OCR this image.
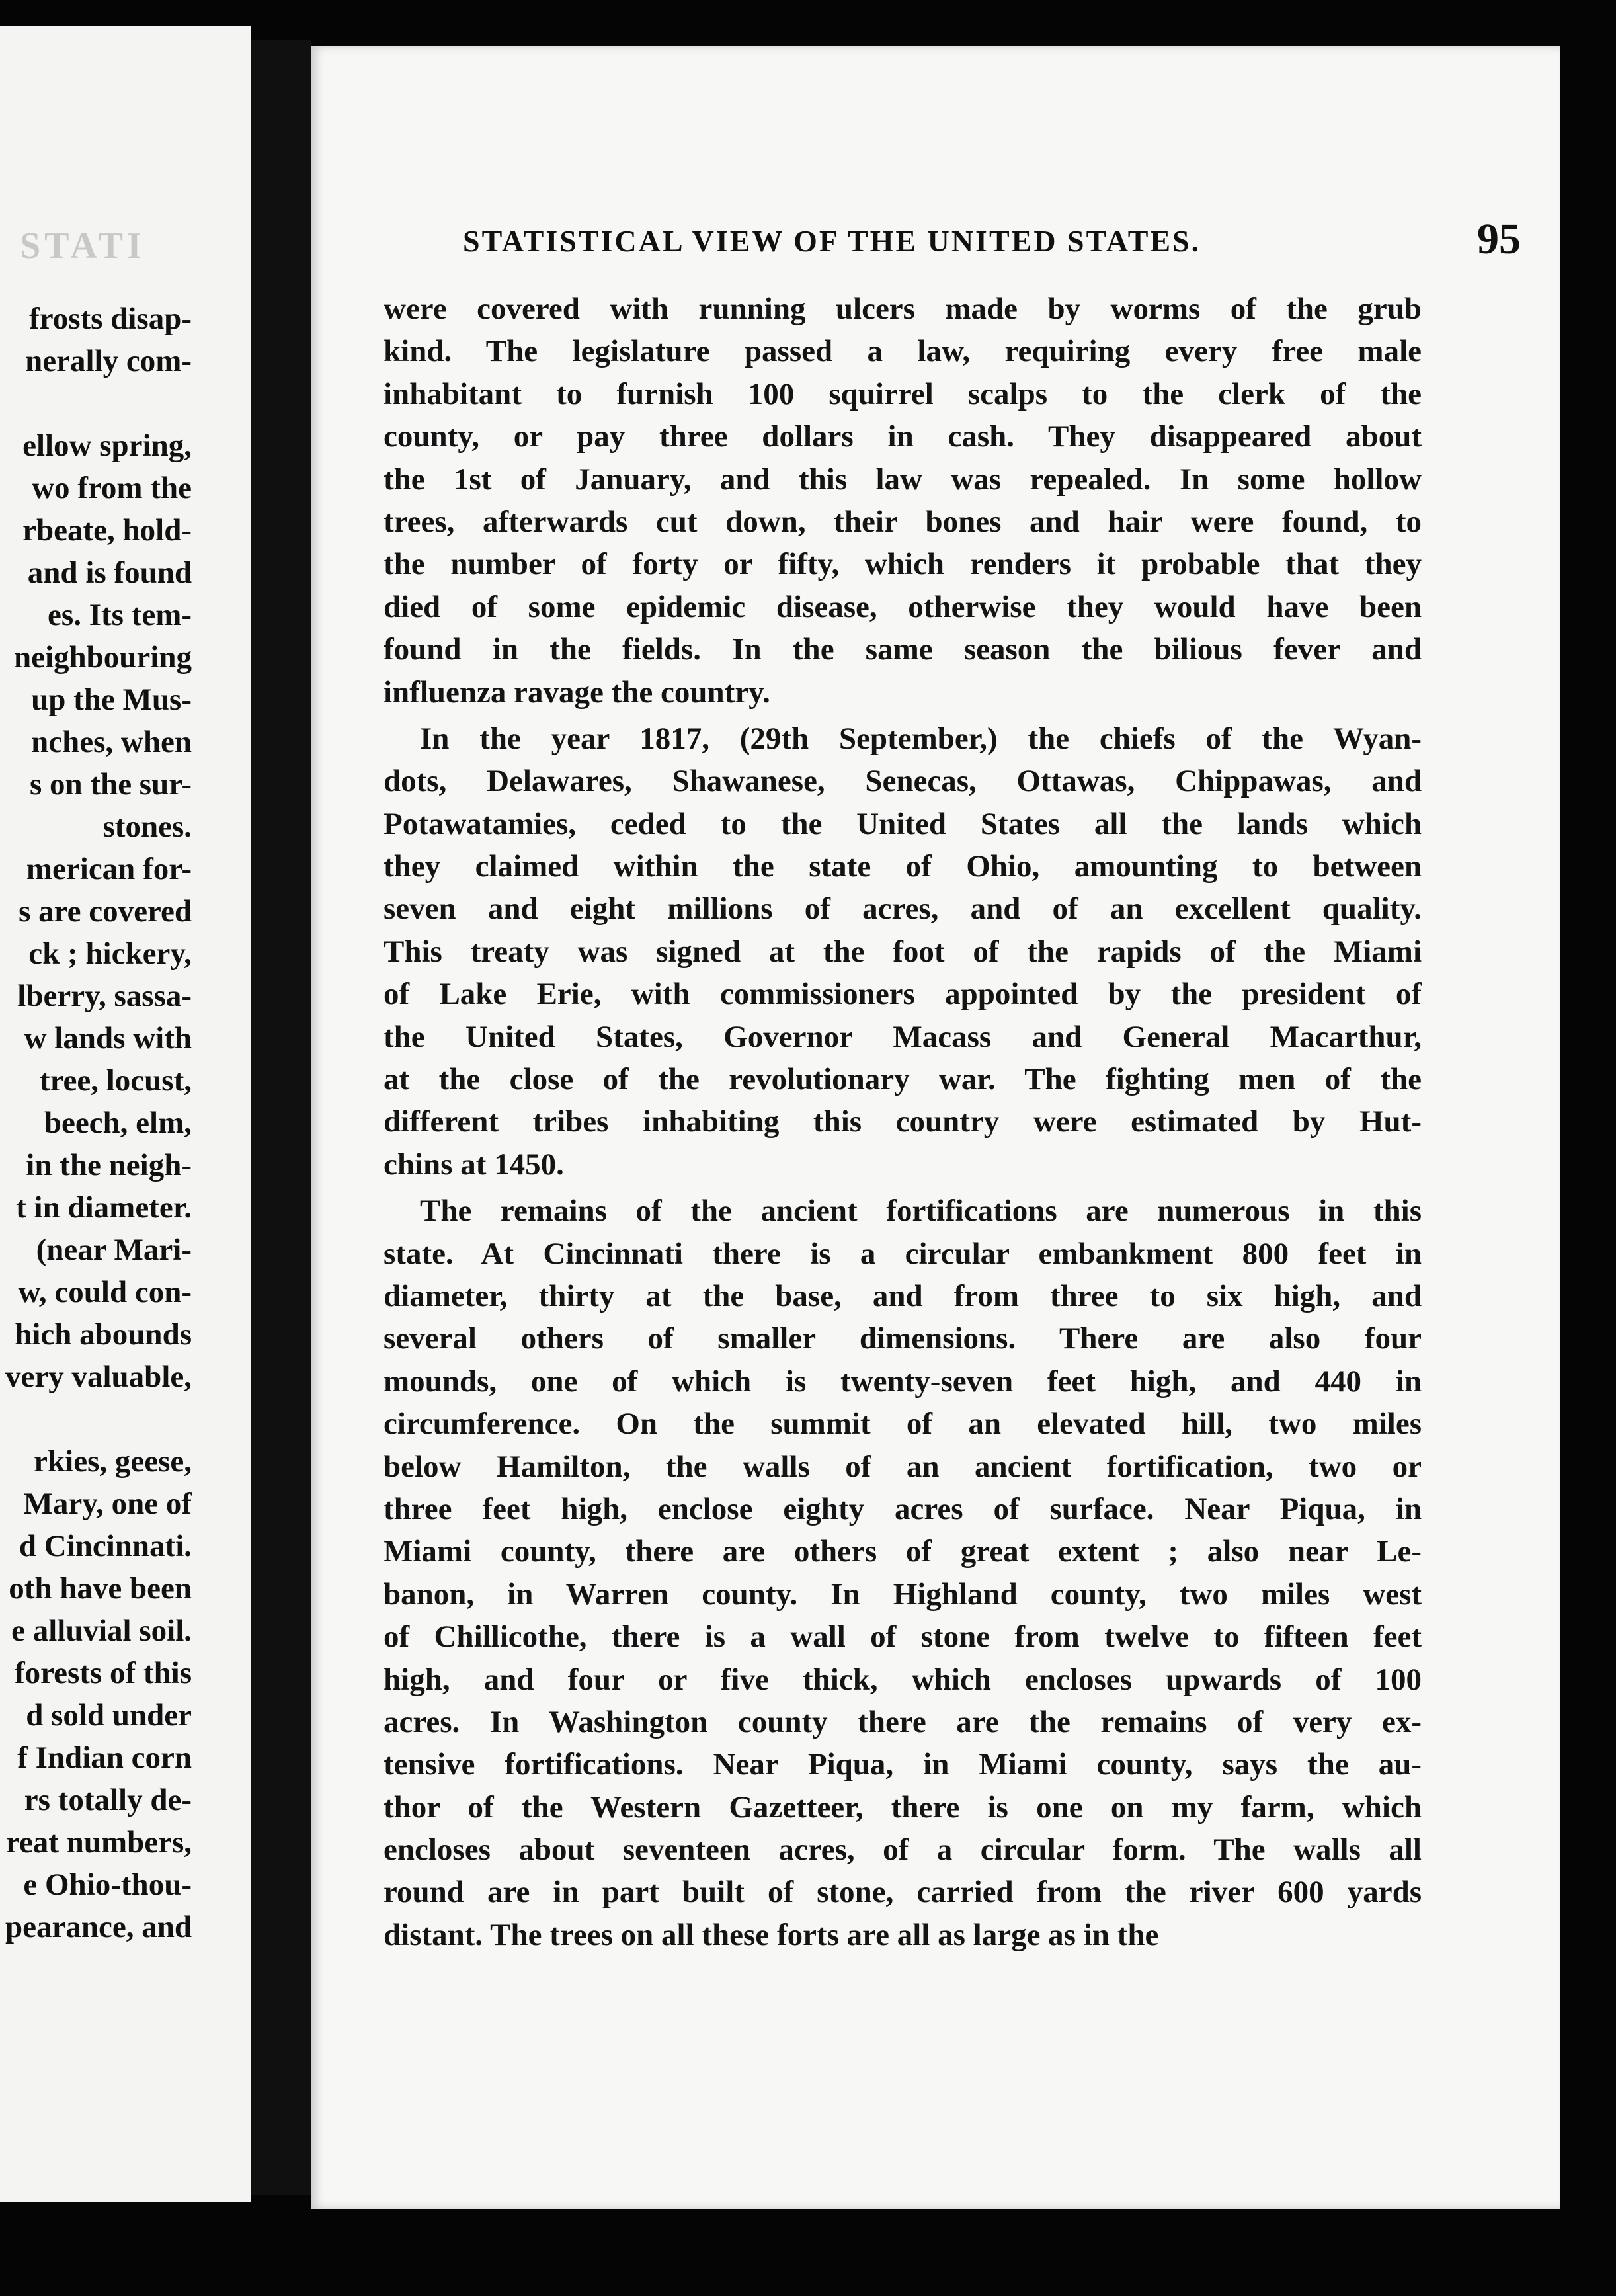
STATI
frosts disap-
nerally com-
ellow spring,
wo from the
rbeate, hold-
and is found
es. Its tem-
neighbouring
up the Mus-
nches, when
s on the sur-
stones.
merican for-
s are covered
ck ; hickery,
lberry, sassa-
w lands with
tree, locust,
beech, elm,
in the neigh-
t in diameter.
(near Mari-
w, could con-
hich abounds
very valuable,
rkies, geese,
Mary, one of
d Cincinnati.
oth have been
e alluvial soil.
forests of this
d sold under
f Indian corn
rs totally de-
reat numbers,
e Ohio-thou-
pearance, and
STATISTICAL VIEW OF THE UNITED STATES.	95
were covered with running ulcers made by worms of the grub
kind. The legislature passed a law, requiring every free male
inhabitant to furnish 100 squirrel scalps to the clerk of the
county, or pay three dollars in cash. They disappeared about
the 1st of January, and this law was repealed. In some hollow
trees, afterwards cut down, their bones and hair were found, to
the number of forty or fifty, which renders it probable that they
died of some epidemic disease, otherwise they would have been
found in the fields. In the same season the bilious fever and
influenza ravage the country.
In the year 1817, (29th September,) the chiefs of the Wyan-
dots, Delawares, Shawanese, Senecas, Ottawas, Chippawas, and
Potawatamies, ceded to the United States all the lands which
they claimed within the state of Ohio, amounting to between
seven and eight millions of acres, and of an excellent quality.
This treaty was signed at the foot of the rapids of the Miami
of Lake Erie, with commissioners appointed by the president of
the United States, Governor Macass and General Macarthur,
at the close of the revolutionary war. The fighting men of the
different tribes inhabiting this country were estimated by Hut-
chins at 1450.
The remains of the ancient fortifications are numerous in this
state. At Cincinnati there is a circular embankment 800 feet in
diameter, thirty at the base, and from three to six high, and
several others of smaller dimensions. There are also four
mounds, one of which is twenty-seven feet high, and 440 in
circumference. On the summit of an elevated hill, two miles
below Hamilton, the walls of an ancient fortification, two or
three feet high, enclose eighty acres of surface. Near Piqua, in
Miami county, there are others of great extent ; also near Le-
banon, in Warren county. In Highland county, two miles west
of Chillicothe, there is a wall of stone from twelve to fifteen feet
high, and four or five thick, which encloses upwards of 100
acres. In Washington county there are the remains of very ex-
tensive fortifications. Near Piqua, in Miami county, says the au-
thor of the Western Gazetteer, there is one on my farm, which
encloses about seventeen acres, of a circular form. The walls all
round are in part built of stone, carried from the river 600 yards
distant. The trees on all these forts are all as large as in the
